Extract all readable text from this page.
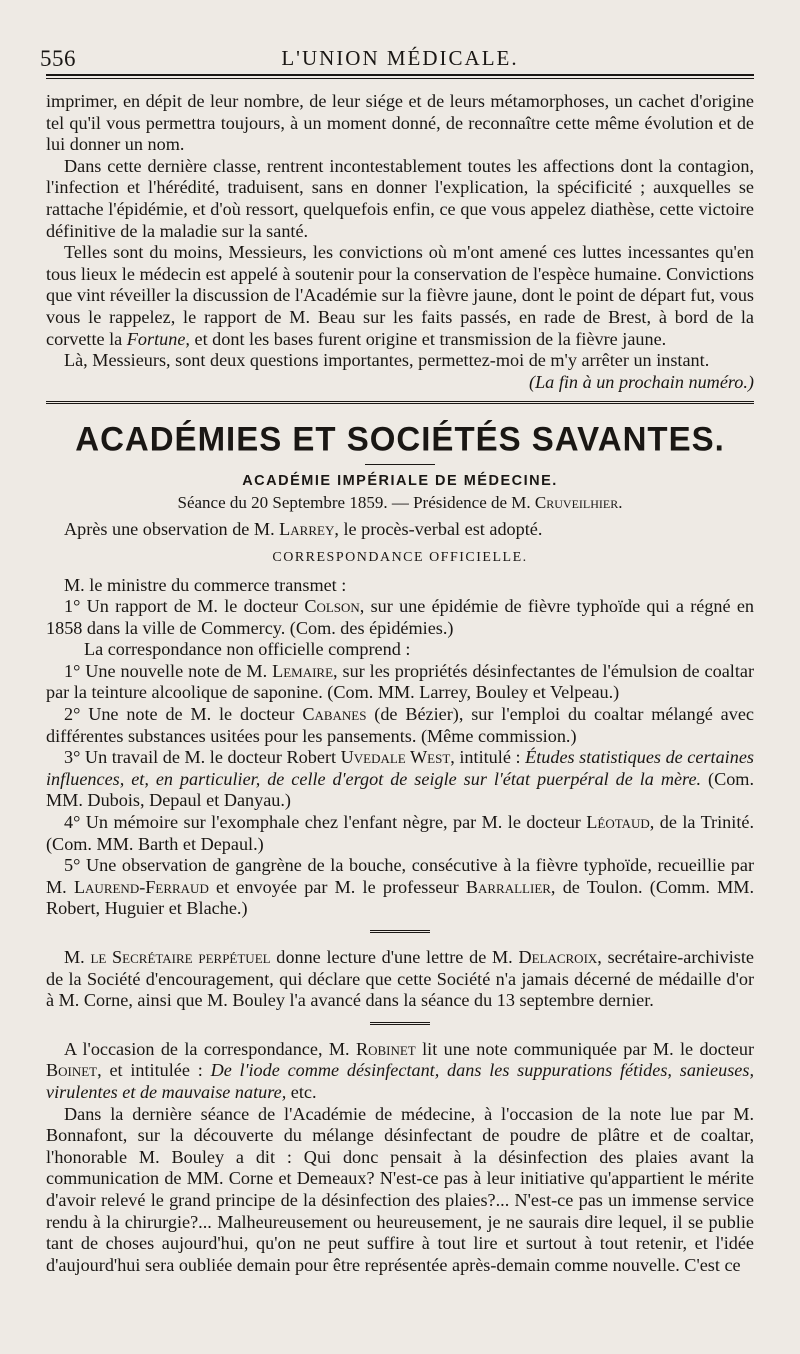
556	L'UNION MÉDICALE.

imprimer, en dépit de leur nombre, de leur siége et de leurs métamorphoses, un cachet d'origine tel qu'il vous permettra toujours, à un moment donné, de reconnaître cette même évolution et de lui donner un nom.

Dans cette dernière classe, rentrent incontestablement toutes les affections dont la contagion, l'infection et l'hérédité, traduisent, sans en donner l'explication, la spécificité ; auxquelles se rattache l'épidémie, et d'où ressort, quelquefois enfin, ce que vous appelez diathèse, cette victoire définitive de la maladie sur la santé.

Telles sont du moins, Messieurs, les convictions où m'ont amené ces luttes incessantes qu'en tous lieux le médecin est appelé à soutenir pour la conservation de l'espèce humaine. Convictions que vint réveiller la discussion de l'Académie sur la fièvre jaune, dont le point de départ fut, vous vous le rappelez, le rapport de M. Beau sur les faits passés, en rade de Brest, à bord de la corvette la Fortune, et dont les bases furent origine et transmission de la fièvre jaune.

Là, Messieurs, sont deux questions importantes, permettez-moi de m'y arrêter un instant.

(La fin à un prochain numéro.)

ACADÉMIES ET SOCIÉTÉS SAVANTES.
ACADÉMIE IMPÉRIALE DE MÉDECINE.
Séance du 20 Septembre 1859. — Présidence de M. Cruveilhier.

Après une observation de M. Larrey, le procès-verbal est adopté.

CORRESPONDANCE OFFICIELLE.

M. le ministre du commerce transmet :

1° Un rapport de M. le docteur Colson, sur une épidémie de fièvre typhoïde qui a régné en 1858 dans la ville de Commercy. (Com. des épidémies.)

La correspondance non officielle comprend :

1° Une nouvelle note de M. Lemaire, sur les propriétés désinfectantes de l'émulsion de coaltar par la teinture alcoolique de saponine. (Com. MM. Larrey, Bouley et Velpeau.)

2° Une note de M. le docteur Cabanes (de Bézier), sur l'emploi du coaltar mélangé avec différentes substances usitées pour les pansements. (Même commission.)

3° Un travail de M. le docteur Robert Uvedale West, intitulé : Études statistiques de certaines influences, et, en particulier, de celle d'ergot de seigle sur l'état puerpéral de la mère. (Com. MM. Dubois, Depaul et Danyau.)

4° Un mémoire sur l'exomphale chez l'enfant nègre, par M. le docteur Léotaud, de la Trinité. (Com. MM. Barth et Depaul.)

5° Une observation de gangrène de la bouche, consécutive à la fièvre typhoïde, recueillie par M. Laurend-Ferraud et envoyée par M. le professeur Barrallier, de Toulon. (Comm. MM. Robert, Huguier et Blache.)

M. le Secrétaire perpétuel donne lecture d'une lettre de M. Delacroix, secrétaire-archiviste de la Société d'encouragement, qui déclare que cette Société n'a jamais décerné de médaille d'or à M. Corne, ainsi que M. Bouley l'a avancé dans la séance du 13 septembre dernier.

A l'occasion de la correspondance, M. Robinet lit une note communiquée par M. le docteur Boinet, et intitulée : De l'iode comme désinfectant, dans les suppurations fétides, sanieuses, virulentes et de mauvaise nature, etc.

Dans la dernière séance de l'Académie de médecine, à l'occasion de la note lue par M. Bonnafont, sur la découverte du mélange désinfectant de poudre de plâtre et de coaltar, l'honorable M. Bouley a dit : Qui donc pensait à la désinfection des plaies avant la communication de MM. Corne et Demeaux? N'est-ce pas à leur initiative qu'appartient le mérite d'avoir relevé le grand principe de la désinfection des plaies?... N'est-ce pas un immense service rendu à la chirurgie?... Malheureusement ou heureusement, je ne saurais dire lequel, il se publie tant de choses aujourd'hui, qu'on ne peut suffire à tout lire et surtout à tout retenir, et l'idée d'aujourd'hui sera oubliée demain pour être représentée après-demain comme nouvelle. C'est ce
